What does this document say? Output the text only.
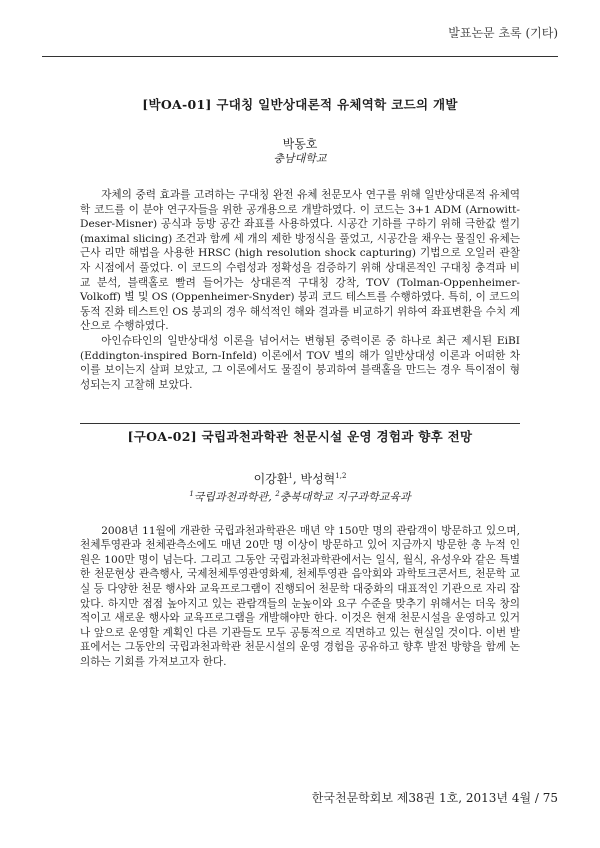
발표논문 초록 (기타)
[박OA-01] 구대칭 일반상대론적 유체역학 코드의 개발

박동호

충남대학교

자체의 중력 효과를 고려하는 구대칭 완전 유체 천문모사 연구를 위해 일반상대론적 유체역학 코드를 이 분야 연구자들을 위한 공개용으로 개발하였다. 이 코드는 3+1 ADM (Arnowitt-Deser-Misner) 공식과 등방 공간 좌표를 사용하였다. 시공간 기하를 구하기 위해 극한값 썰기 (maximal slicing) 조건과 함께 세 개의 제한 방정식을 풀었고, 시공간을 채우는 물질인 유체는 근사 리만 해법을 사용한 HRSC (high resolution shock capturing) 기법으로 오일러 관찰자 시점에서 풀었다. 이 코드의 수렴성과 정확성을 검증하기 위해 상대론적인 구대칭 충격파 비교 분석, 블랙홀로 빨려 들어가는 상대론적 구대칭 강착, TOV (Tolman-Oppenheimer-Volkoff) 별 및 OS (Oppenheimer-Snyder) 붕괴 코드 테스트를 수행하였다. 특히, 이 코드의 동적 진화 테스트인 OS 붕괴의 경우 해석적인 해와 결과를 비교하기 위하여 좌표변환을 수치 계산으로 수행하였다.

아인슈타인의 일반상대성 이론을 넘어서는 변형된 중력이론 중 하나로 최근 제시된 EiBI (Eddington-inspired Born-Infeld) 이론에서 TOV 별의 해가 일반상대성 이론과 어떠한 차이를 보이는지 살펴 보았고, 그 이론에서도 물질이 붕괴하여 블랙홀을 만드는 경우 특이점이 형성되는지 고찰해 보았다.

[구OA-02] 국립과천과학관 천문시설 운영 경험과 향후 전망

이강환$^1$, 박성혁$^{1,2}$

$^1$국립과천과학관, $^2$충북대학교 지구과학교육과

2008년 11월에 개관한 국립과천과학관은 매년 약 150만 명의 관람객이 방문하고 있으며, 천체투영관과 천체관측소에도 매년 20만 명 이상이 방문하고 있어 지금까지 방문한 총 누적 인원은 100만 명이 넘는다. 그리고 그동안 국립과천과학관에서는 일식, 월식, 유성우와 같은 특별한 천문현상 관측행사, 국제천체투영관영화제, 천체투영관 음악회와 과학토크콘서트, 천문학 교실 등 다양한 천문 행사와 교육프로그램이 진행되어 천문학 대중화의 대표적인 기관으로 자리 잡았다. 하지만 점점 높아지고 있는 관람객들의 눈높이와 요구 수준을 맞추기 위해서는 더욱 창의적이고 새로운 행사와 교육프로그램을 개발해야만 한다. 이것은 현재 천문시설을 운영하고 있거나 앞으로 운영할 계획인 다른 기관들도 모두 공통적으로 직면하고 있는 현실일 것이다. 이번 발표에서는 그동안의 국립과천과학관 천문시설의 운영 경험을 공유하고 향후 발전 방향을 함께 논의하는 기회를 가져보고자 한다.

한국천문학회보 제38권 1호, 2013년 4월 / 75
